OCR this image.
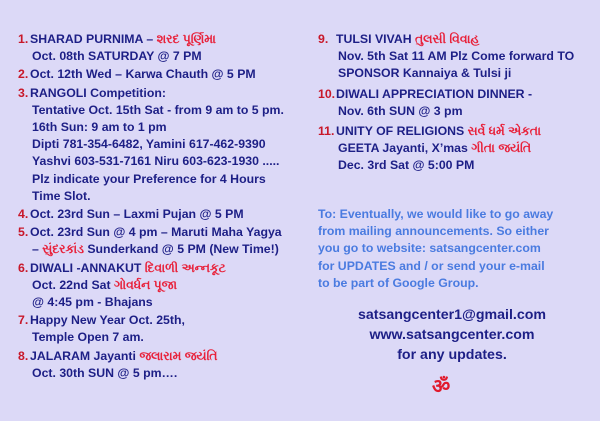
1. SHARAD PURNIMA – શરદ પૂર્ણિમા
Oct. 08th SATURDAY @ 7 PM
2. Oct. 12th Wed – Karwa Chauth @ 5 PM
3. RANGOLI Competition:
Tentative Oct. 15th Sat - from 9 am to 5 pm.
16th Sun: 9 am to 1 pm
Dipti 781-354-6482, Yamini 617-462-9390
Yashvi 603-531-7161 Niru 603-623-1930 .....
Plz indicate your Preference for 4 Hours
Time Slot.
4. Oct. 23rd Sun – Laxmi Pujan @ 5 PM
5. Oct. 23rd Sun @ 4 pm – Maruti Maha Yagya
– સુંદરકાંડ Sunderkand @ 5 PM (New Time!)
6. DIWALI -ANNAKUT દિવાળી અન્નકૂટ
Oct. 22nd Sat ગોવર્ધન પૂજા
@ 4:45 pm - Bhajans
7. Happy New Year Oct. 25th,
Temple Open 7 am.
8. JALARAM Jayanti જલારામ જયંતિ
Oct. 30th SUN @ 5 pm….
9. TULSI VIVAH તુલસી વિવાહ
Nov. 5th Sat 11 AM Plz Come forward TO
SPONSOR Kannaiya & Tulsi ji
10.DIWALI APPRECIATION DINNER -
Nov. 6th SUN @ 3 pm
11. UNITY OF RELIGIONS સર્વ ધર્મ એકતા
GEETA Jayanti, X’mas ગીતા જયંતિ
Dec. 3rd Sat @ 5:00 PM
To: Eventually, we would like to go away
from mailing announcements. So either
you go to website: satsangcenter.com
for UPDATES and / or send your e-mail
to be part of Google Group.
satsangcenter1@gmail.com
www.satsangcenter.com
for any updates.
ॐ
